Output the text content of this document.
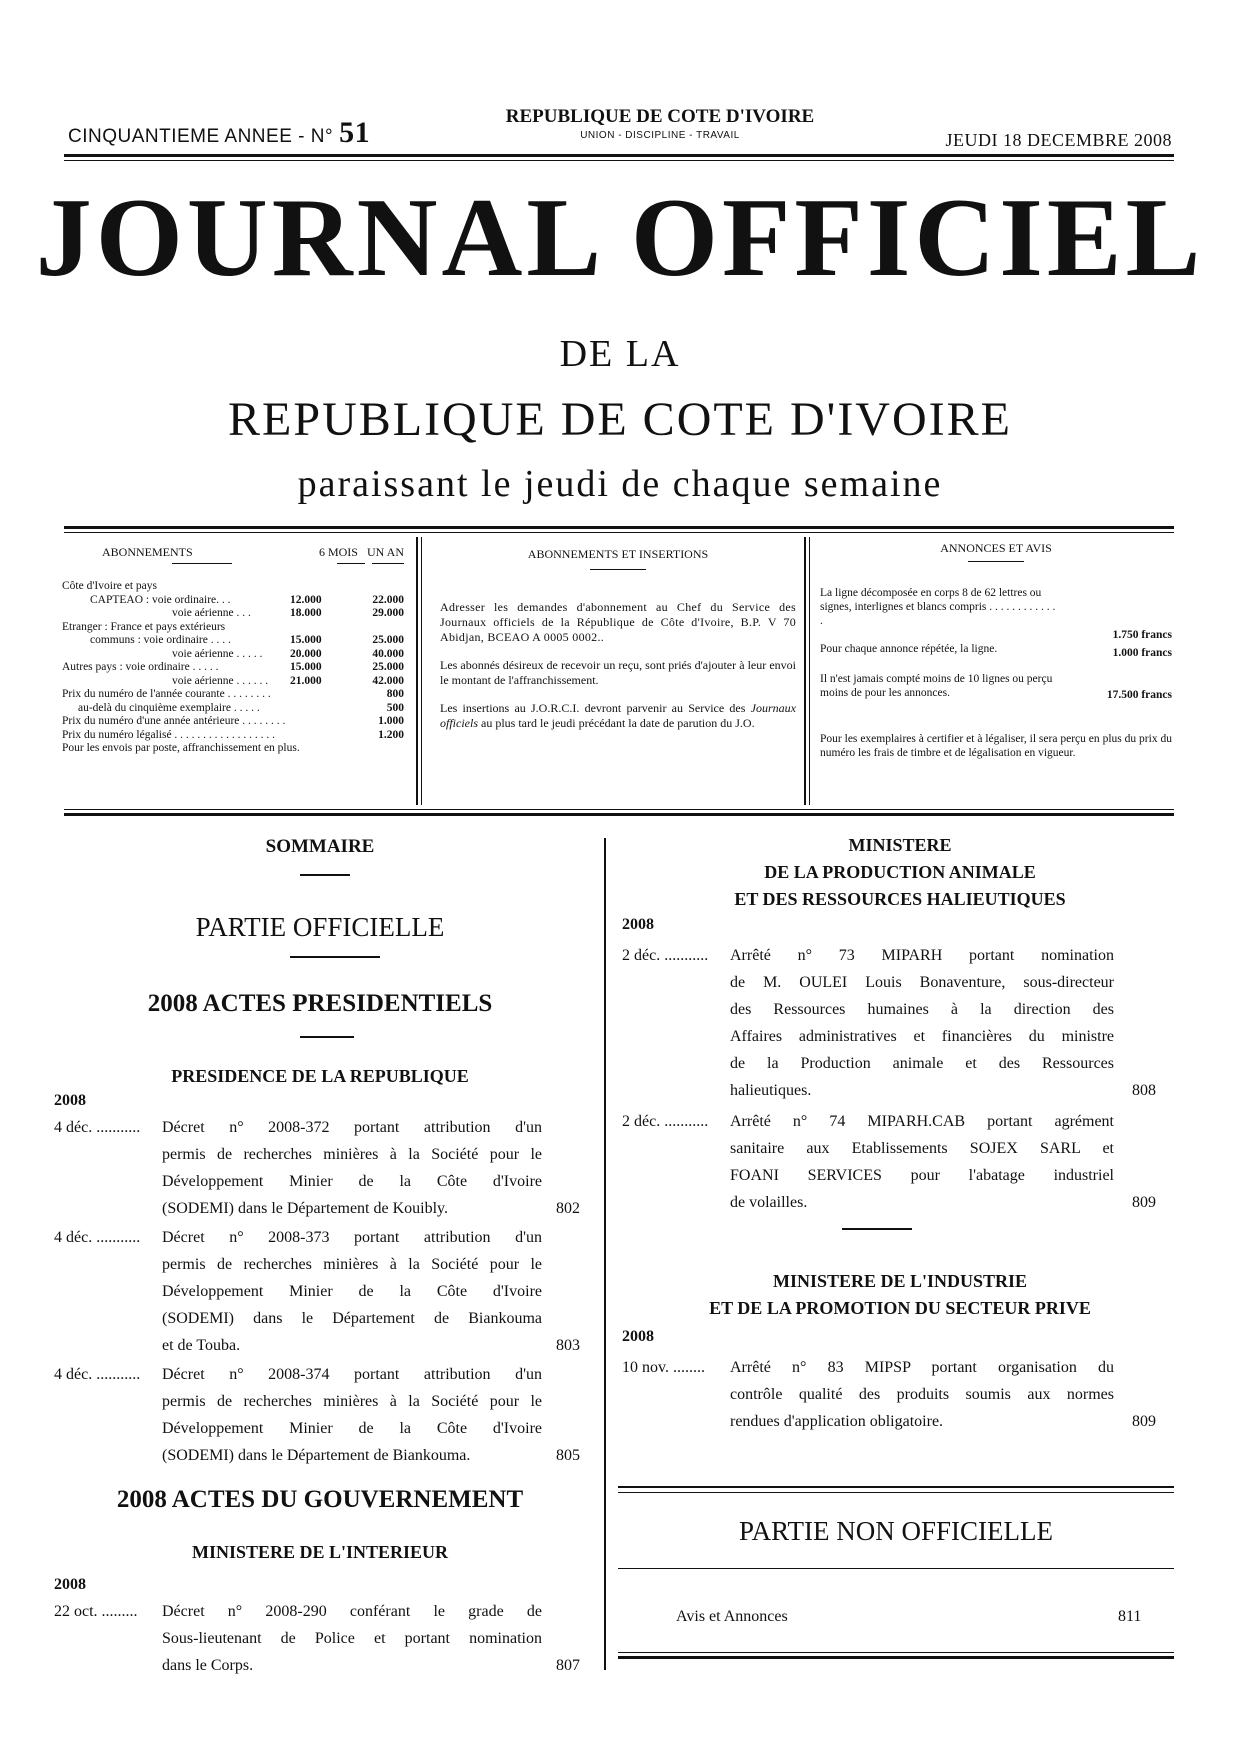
CINQUANTIEME ANNEE - N° 51	REPUBLIQUE DE COTE D'IVOIRE
UNION - DISCIPLINE - TRAVAIL	JEUDI 18 DECEMBRE 2008
JOURNAL OFFICIEL
DE LA
REPUBLIQUE DE COTE D'IVOIRE
paraissant le jeudi de chaque semaine
ABONNEMENTS	6 MOIS UN AN
Côte d'Ivoire et pays
CAPTEAO : voie ordinaire. . .	12.000	22.000
voie aérienne . . .	18.000	29.000
Etranger : France et pays extérieurs
communs : voie ordinaire . . . .	15.000	25.000
voie aérienne . . . . . 20.000	40.000
Autres pays : voie ordinaire . . . . .	15.000	25.000
voie aérienne . . . . . . 21.000	42.000
Prix du numéro de l'année courante . . . . . . . .	800
au-delà du cinquième exemplaire . . . . .	500
Prix du numéro d'une année antérieure . . . . . . . .	1.000
Prix du numéro légalisé . . . . . . . . . . . . . . . . . .	1.200
Pour les envois par poste, affranchissement en plus.
ABONNEMENTS ET INSERTIONS
Adresser les demandes d'abonnement au Chef du Service des Journaux officiels de la République de Côte d'Ivoire, B.P. V 70 Abidjan, BCEAO A 0005 0002..
Les abonnés désireux de recevoir un reçu, sont priés d'ajouter à leur envoi le montant de l'affranchissement.
Les insertions au J.O.R.C.I. devront parvenir au Service des Journaux officiels au plus tard le jeudi précédant la date de parution du J.O.
ANNONCES ET AVIS
La ligne décomposée en corps 8 de 62 lettres ou signes, interlignes et blancs compris . . . . . . . . . . . . .
1.750 francs
Pour chaque annonce répétée, la ligne.	1.000 francs
Il n'est jamais compté moins de 10 lignes ou perçu moins de pour les annonces.	17.500 francs
Pour les exemplaires à certifier et à légaliser, il sera perçu en plus du prix du numéro les frais de timbre et de légalisation en vigueur.
SOMMAIRE
PARTIE OFFICIELLE
2008 ACTES PRESIDENTIELS
PRESIDENCE DE LA REPUBLIQUE
2008
4 déc. ........... Décret n° 2008-372 portant attribution d'un
permis de recherches minières à la Société pour le
Développement Minier de la Côte d'Ivoire
(SODEMI) dans le Département de Kouibly.	802
4 déc. ........... Décret n° 2008-373 portant attribution d'un
permis de recherches minières à la Société pour le
Développement Minier de la Côte d'Ivoire
(SODEMI) dans le Département de Biankouma
et de Touba.	803
4 déc. ........... Décret n° 2008-374 portant attribution d'un
permis de recherches minières à la Société pour le
Développement Minier de la Côte d'Ivoire
(SODEMI) dans le Département de Biankouma.	805
2008 ACTES DU GOUVERNEMENT
MINISTERE DE L'INTERIEUR
2008
22 oct. ......... Décret n° 2008-290 conférant le grade de
Sous-lieutenant de Police et portant nomination
dans le Corps.	807
MINISTERE
DE LA PRODUCTION ANIMALE
ET DES RESSOURCES HALIEUTIQUES
2008
2 déc. ........... Arrêté n° 73 MIPARH portant nomination
de M. OULEI Louis Bonaventure, sous-directeur
des Ressources humaines à la direction des
Affaires administratives et financières du ministre
de la Production animale et des Ressources
halieutiques.	808
2 déc. ........... Arrêté n° 74 MIPARH.CAB portant agrément
sanitaire aux Etablissements SOJEX SARL et
FOANI SERVICES pour l'abatage industriel
de volailles.	809
MINISTERE DE L'INDUSTRIE
ET DE LA PROMOTION DU SECTEUR PRIVE
2008
10 nov. ........ Arrêté n° 83 MIPSP portant organisation du
contrôle qualité des produits soumis aux normes
rendues d'application obligatoire.	809
PARTIE NON OFFICIELLE
Avis et Annonces	811
